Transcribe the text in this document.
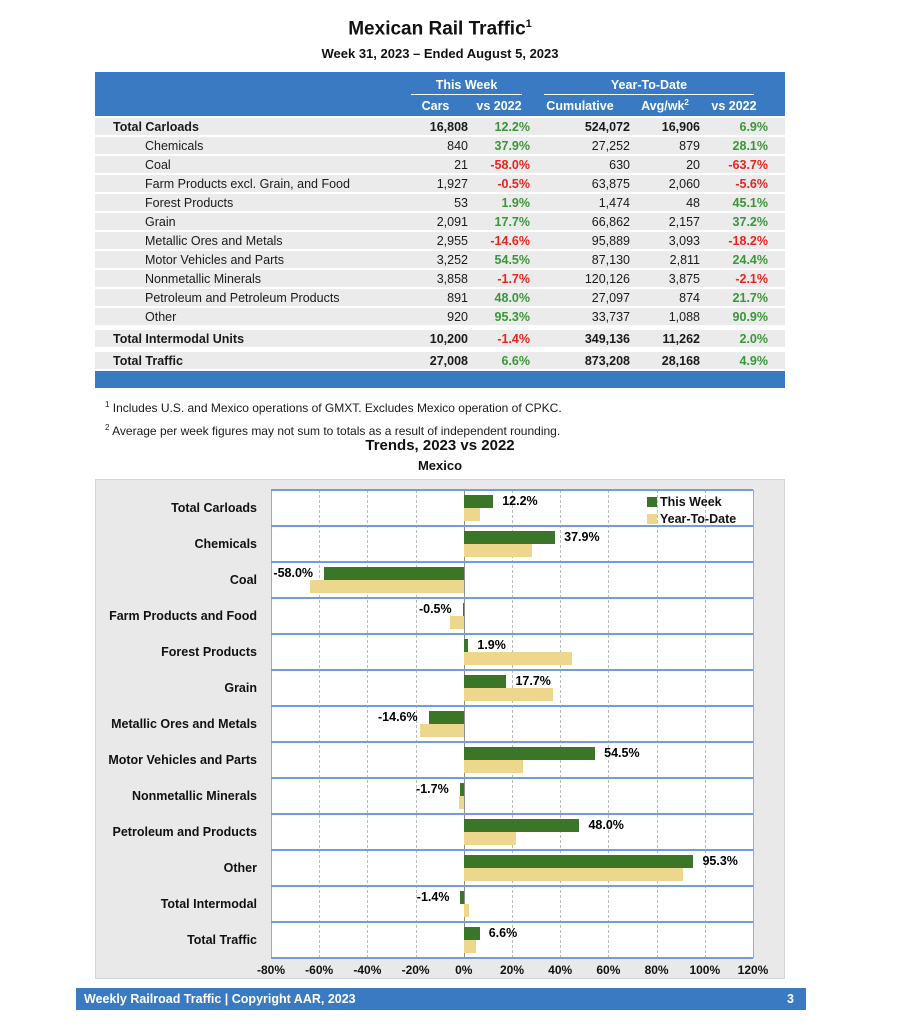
Mexican Rail Traffic$^1$
Week 31, 2023 – Ended August 5, 2023
This Week	Year-To-Date
Cars	vs 2022	Cumulative	Avg/$wk^2$	vs 2022
Total Carloads	16,808	12.2%	524,072	16,906	6.9%
Chemicals	840	37.9%	27,252	879	28.1%
Coal	21	-58.0%	630	20	-63.7%
Farm Products excl. Grain, and Food	1,927	-0.5%	63,875	2,060	-5.6%
Forest Products	53	1.9%	1,474	48	45.1%
Grain	2,091	17.7%	66,862	2,157	37.2%
Metallic Ores and Metals	2,955	-14.6%	95,889	3,093	-18.2%
Motor Vehicles and Parts	3,252	54.5%	87,130	2,811	24.4%
Nonmetallic Minerals	3,858	-1.7%	120,126	3,875	-2.1%
Petroleum and Petroleum Products	891	48.0%	27,097	874	21.7%
Other	920	95.3%	33,737	1,088	90.9%
Total Intermodal Units	10,200	-1.4%	349,136	11,262	2.0%
Total Traffic	27,008	6.6%	873,208	28,168	4.9%
$^1$ Includes U.S. and Mexico operations of GMXT. Excludes Mexico operation of CPKC.
$^2$ Average per week figures may not sum to totals as a result of independent rounding.
Trends, 2023 vs 2022
Mexico
-80% -60% -40% -20% 0% 20% 40% 60% 80% 100% 120%
Total Carloads	12.2%
Chemicals	37.9%
Coal -58.0%
Farm Products and Food	-0.5%
Forest Products	1.9%
Grain	17.7%
Metallic Ores and Metals	-14.6%
Motor Vehicles and Parts	54.5%
Nonmetallic Minerals	-1.7%
Petroleum and Products	48.0%
Other	95.3%
Total Intermodal	-1.4%
Total Traffic	6.6%
This Week
Year-To-Date
Weekly Railroad Traffic | Copyright AAR, 2023	3
